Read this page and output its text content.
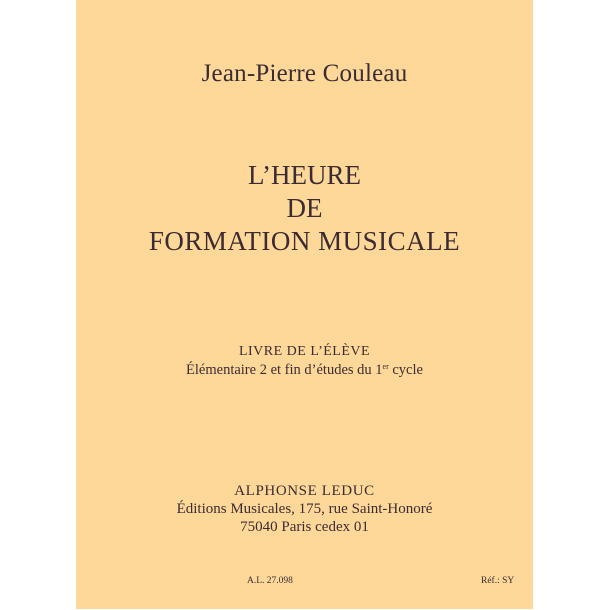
Jean-Pierre Couleau
L’HEURE
DE
FORMATION MUSICALE
LIVRE DE L’ÉLÈVE
Élémentaire 2 et fin d’études du 1er cycle
ALPHONSE LEDUC
Éditions Musicales, 175, rue Saint-Honoré
75040 Paris cedex 01
A.L. 27.098	Réf.: SY
